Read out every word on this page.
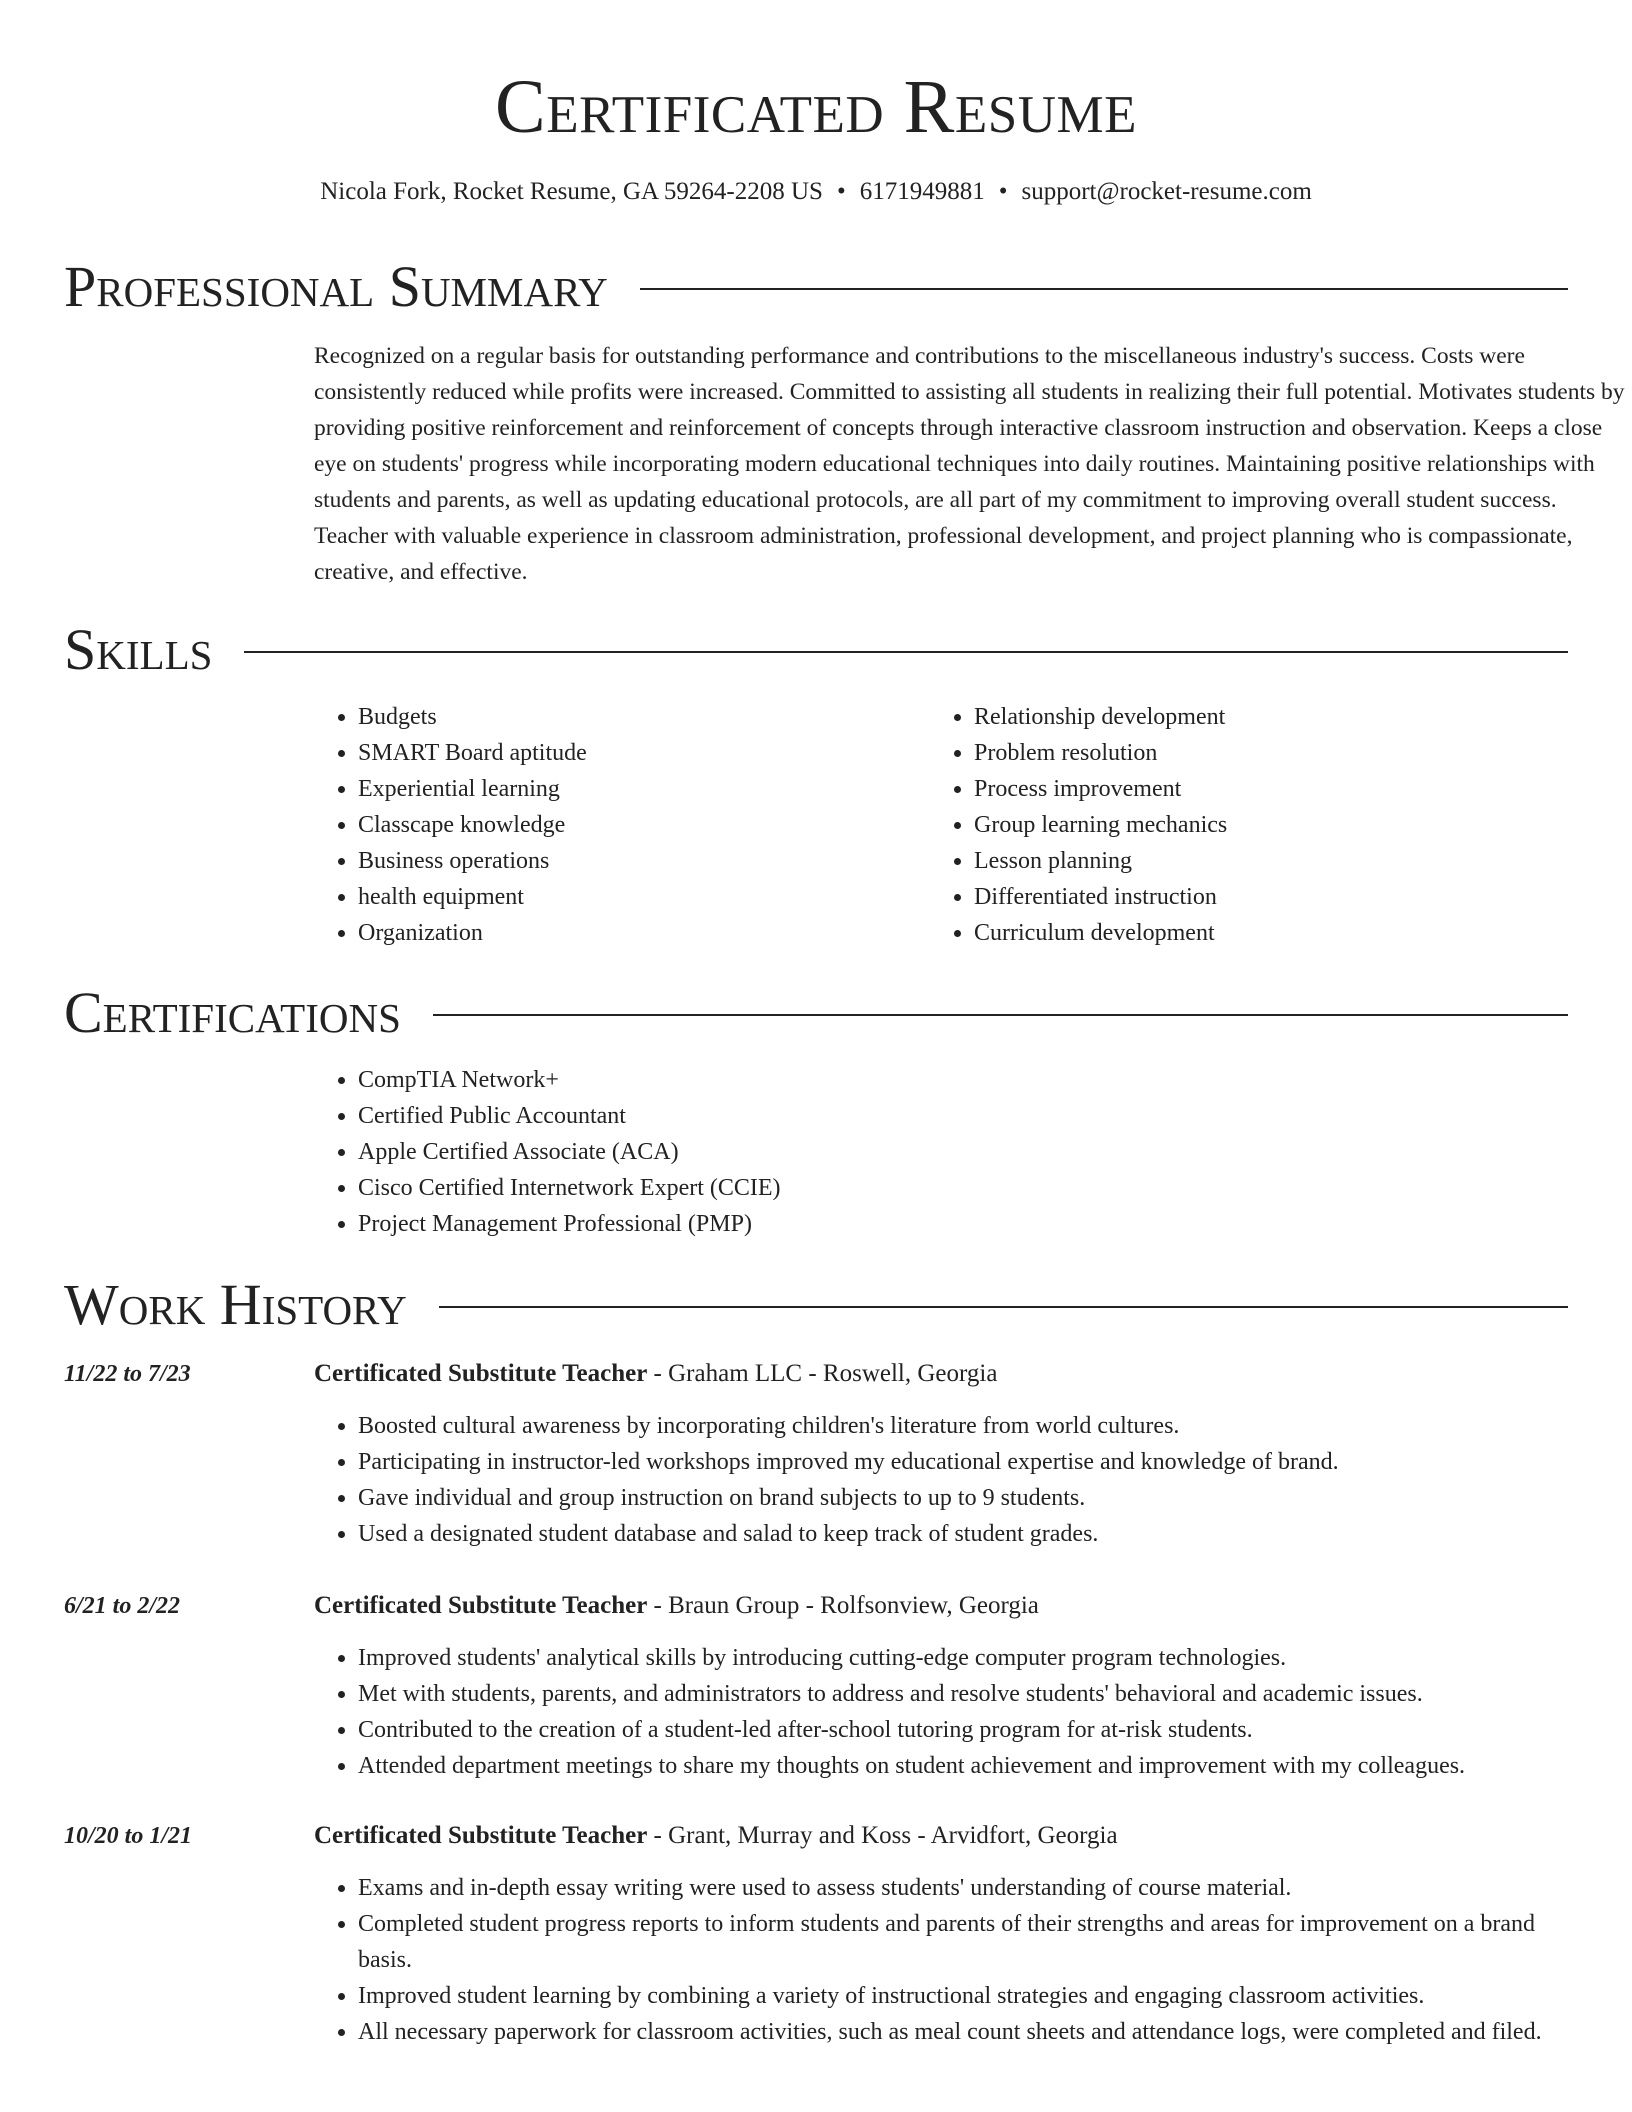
Certificated Resume
Nicola Fork, Rocket Resume, GA 59264-2208 US • 6171949881 • support@rocket-resume.com
Professional Summary

Recognized on a regular basis for outstanding performance and contributions to the miscellaneous industry's success. Costs were consistently reduced while profits were increased. Committed to assisting all students in realizing their full potential. Motivates students by providing positive reinforcement and reinforcement of concepts through interactive classroom instruction and observation. Keeps a close eye on students' progress while incorporating modern educational techniques into daily routines. Maintaining positive relationships with students and parents, as well as updating educational protocols, are all part of my commitment to improving overall student success. Teacher with valuable experience in classroom administration, professional development, and project planning who is compassionate, creative, and effective.

Skills
• Budgets
• SMART Board aptitude
• Experiential learning
• Classcape knowledge
• Business operations
• health equipment
• Organization
• Relationship development
• Problem resolution
• Process improvement
• Group learning mechanics
• Lesson planning
• Differentiated instruction
• Curriculum development
Certifications
• CompTIA Network+
• Certified Public Accountant
• Apple Certified Associate (ACA)
• Cisco Certified Internetwork Expert (CCIE)
• Project Management Professional (PMP)
Work History
11/22 to 7/23	Certificated Substitute Teacher - Graham LLC - Roswell, Georgia
• Boosted cultural awareness by incorporating children's literature from world cultures.
• Participating in instructor-led workshops improved my educational expertise and knowledge of brand.
• Gave individual and group instruction on brand subjects to up to 9 students.
• Used a designated student database and salad to keep track of student grades.
6/21 to 2/22	Certificated Substitute Teacher - Braun Group - Rolfsonview, Georgia
• Improved students' analytical skills by introducing cutting-edge computer program technologies.
• Met with students, parents, and administrators to address and resolve students' behavioral and academic issues.
• Contributed to the creation of a student-led after-school tutoring program for at-risk students.
• Attended department meetings to share my thoughts on student achievement and improvement with my colleagues.
10/20 to 1/21	Certificated Substitute Teacher - Grant, Murray and Koss - Arvidfort, Georgia
• Exams and in-depth essay writing were used to assess students' understanding of course material.
• Completed student progress reports to inform students and parents of their strengths and areas for improvement on a brand basis.
• Improved student learning by combining a variety of instructional strategies and engaging classroom activities.
• All necessary paperwork for classroom activities, such as meal count sheets and attendance logs, were completed and filed.
